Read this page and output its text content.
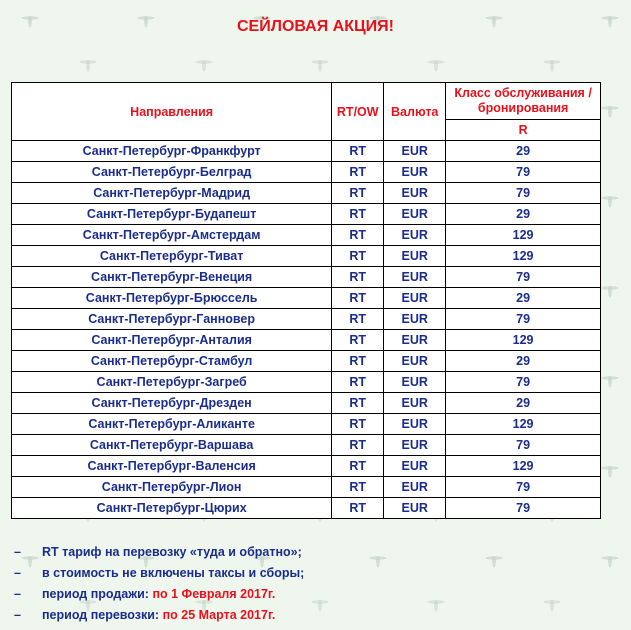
СЕЙЛОВАЯ АКЦИЯ!
Направления	RT/OW	Валюта	Класс обслуживания / бронирования
			R
Санкт-Петербург-Франкфурт	RT	EUR	29
Санкт-Петербург-Белград	RT	EUR	79
Санкт-Петербург-Мадрид	RT	EUR	79
Санкт-Петербург-Будапешт	RT	EUR	29
Санкт-Петербург-Амстердам	RT	EUR	129
Санкт-Петербург-Тиват	RT	EUR	129
Санкт-Петербург-Венеция	RT	EUR	79
Санкт-Петербург-Брюссель	RT	EUR	29
Санкт-Петербург-Ганновер	RT	EUR	79
Санкт-Петербург-Анталия	RT	EUR	129
Санкт-Петербург-Стамбул	RT	EUR	29
Санкт-Петербург-Загреб	RT	EUR	79
Санкт-Петербург-Дрезден	RT	EUR	29
Санкт-Петербург-Аликанте	RT	EUR	129
Санкт-Петербург-Варшава	RT	EUR	79
Санкт-Петербург-Валенсия	RT	EUR	129
Санкт-Петербург-Лион	RT	EUR	79
Санкт-Петербург-Цюрих	RT	EUR	79
– RT тариф на перевозку «туда и обратно»;
– в стоимость не включены таксы и сборы;
– период продажи: по 1 Февраля 2017г.
– период перевозки: по 25 Марта 2017г.
